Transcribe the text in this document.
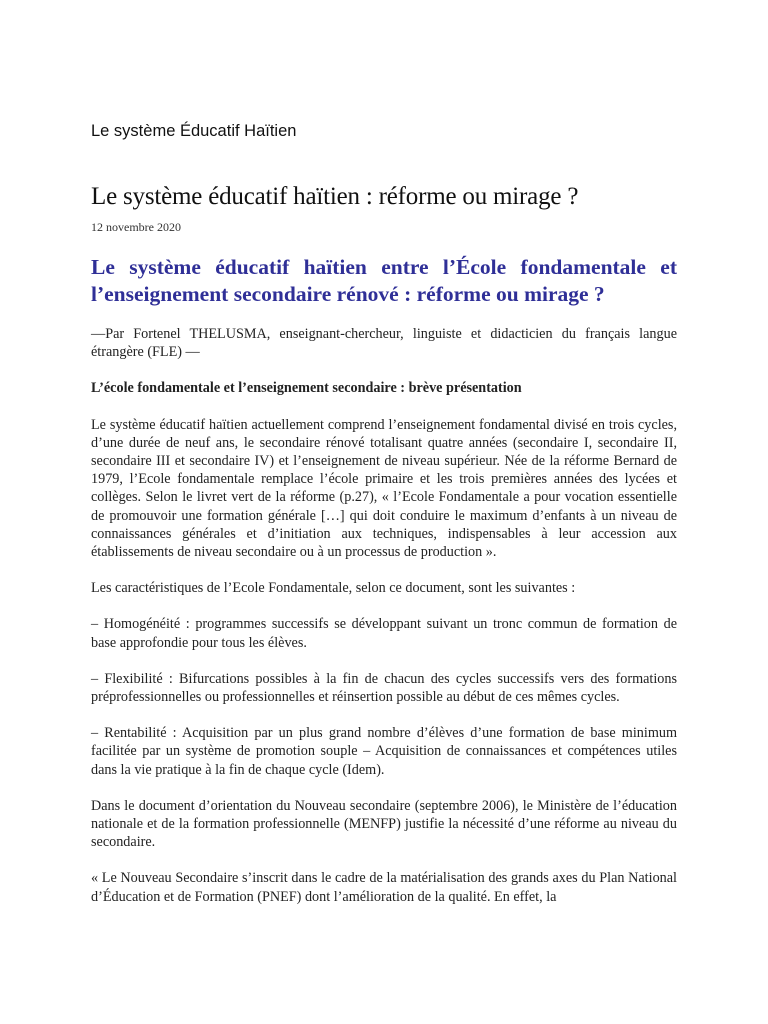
Le système Éducatif Haïtien
Le système éducatif haïtien : réforme ou mirage ?

12 novembre 2020

Le système éducatif haïtien entre l’École fondamentale et l’enseignement secondaire rénové : réforme ou mirage ?

—Par Fortenel THELUSMA, enseignant-chercheur, linguiste et didacticien du français langue étrangère (FLE) —

L’école fondamentale et l’enseignement secondaire : brève présentation

Le système éducatif haïtien actuellement comprend l’enseignement fondamental divisé en trois cycles, d’une durée de neuf ans, le secondaire rénové totalisant quatre années (secondaire I, secondaire II, secondaire III et secondaire IV) et l’enseignement de niveau supérieur. Née de la réforme Bernard de 1979, l’Ecole fondamentale remplace l’école primaire et les trois premières années des lycées et collèges. Selon le livret vert de la réforme (p.27), « l’Ecole Fondamentale a pour vocation essentielle de promouvoir une formation générale […] qui doit conduire le maximum d’enfants à un niveau de connaissances générales et d’initiation aux techniques, indispensables à leur accession aux établissements de niveau secondaire ou à un processus de production ».

Les caractéristiques de l’Ecole Fondamentale, selon ce document, sont les suivantes :

– Homogénéité : programmes successifs se développant suivant un tronc commun de formation de base approfondie pour tous les élèves.

– Flexibilité : Bifurcations possibles à la fin de chacun des cycles successifs vers des formations préprofessionnelles ou professionnelles et réinsertion possible au début de ces mêmes cycles.

– Rentabilité : Acquisition par un plus grand nombre d’élèves d’une formation de base minimum facilitée par un système de promotion souple – Acquisition de connaissances et compétences utiles dans la vie pratique à la fin de chaque cycle (Idem).

Dans le document d’orientation du Nouveau secondaire (septembre 2006), le Ministère de l’éducation nationale et de la formation professionnelle (MENFP) justifie la nécessité d’une réforme au niveau du secondaire.

« Le Nouveau Secondaire s’inscrit dans le cadre de la matérialisation des grands axes du Plan National d’Éducation et de Formation (PNEF) dont l’amélioration de la qualité. En effet, la
